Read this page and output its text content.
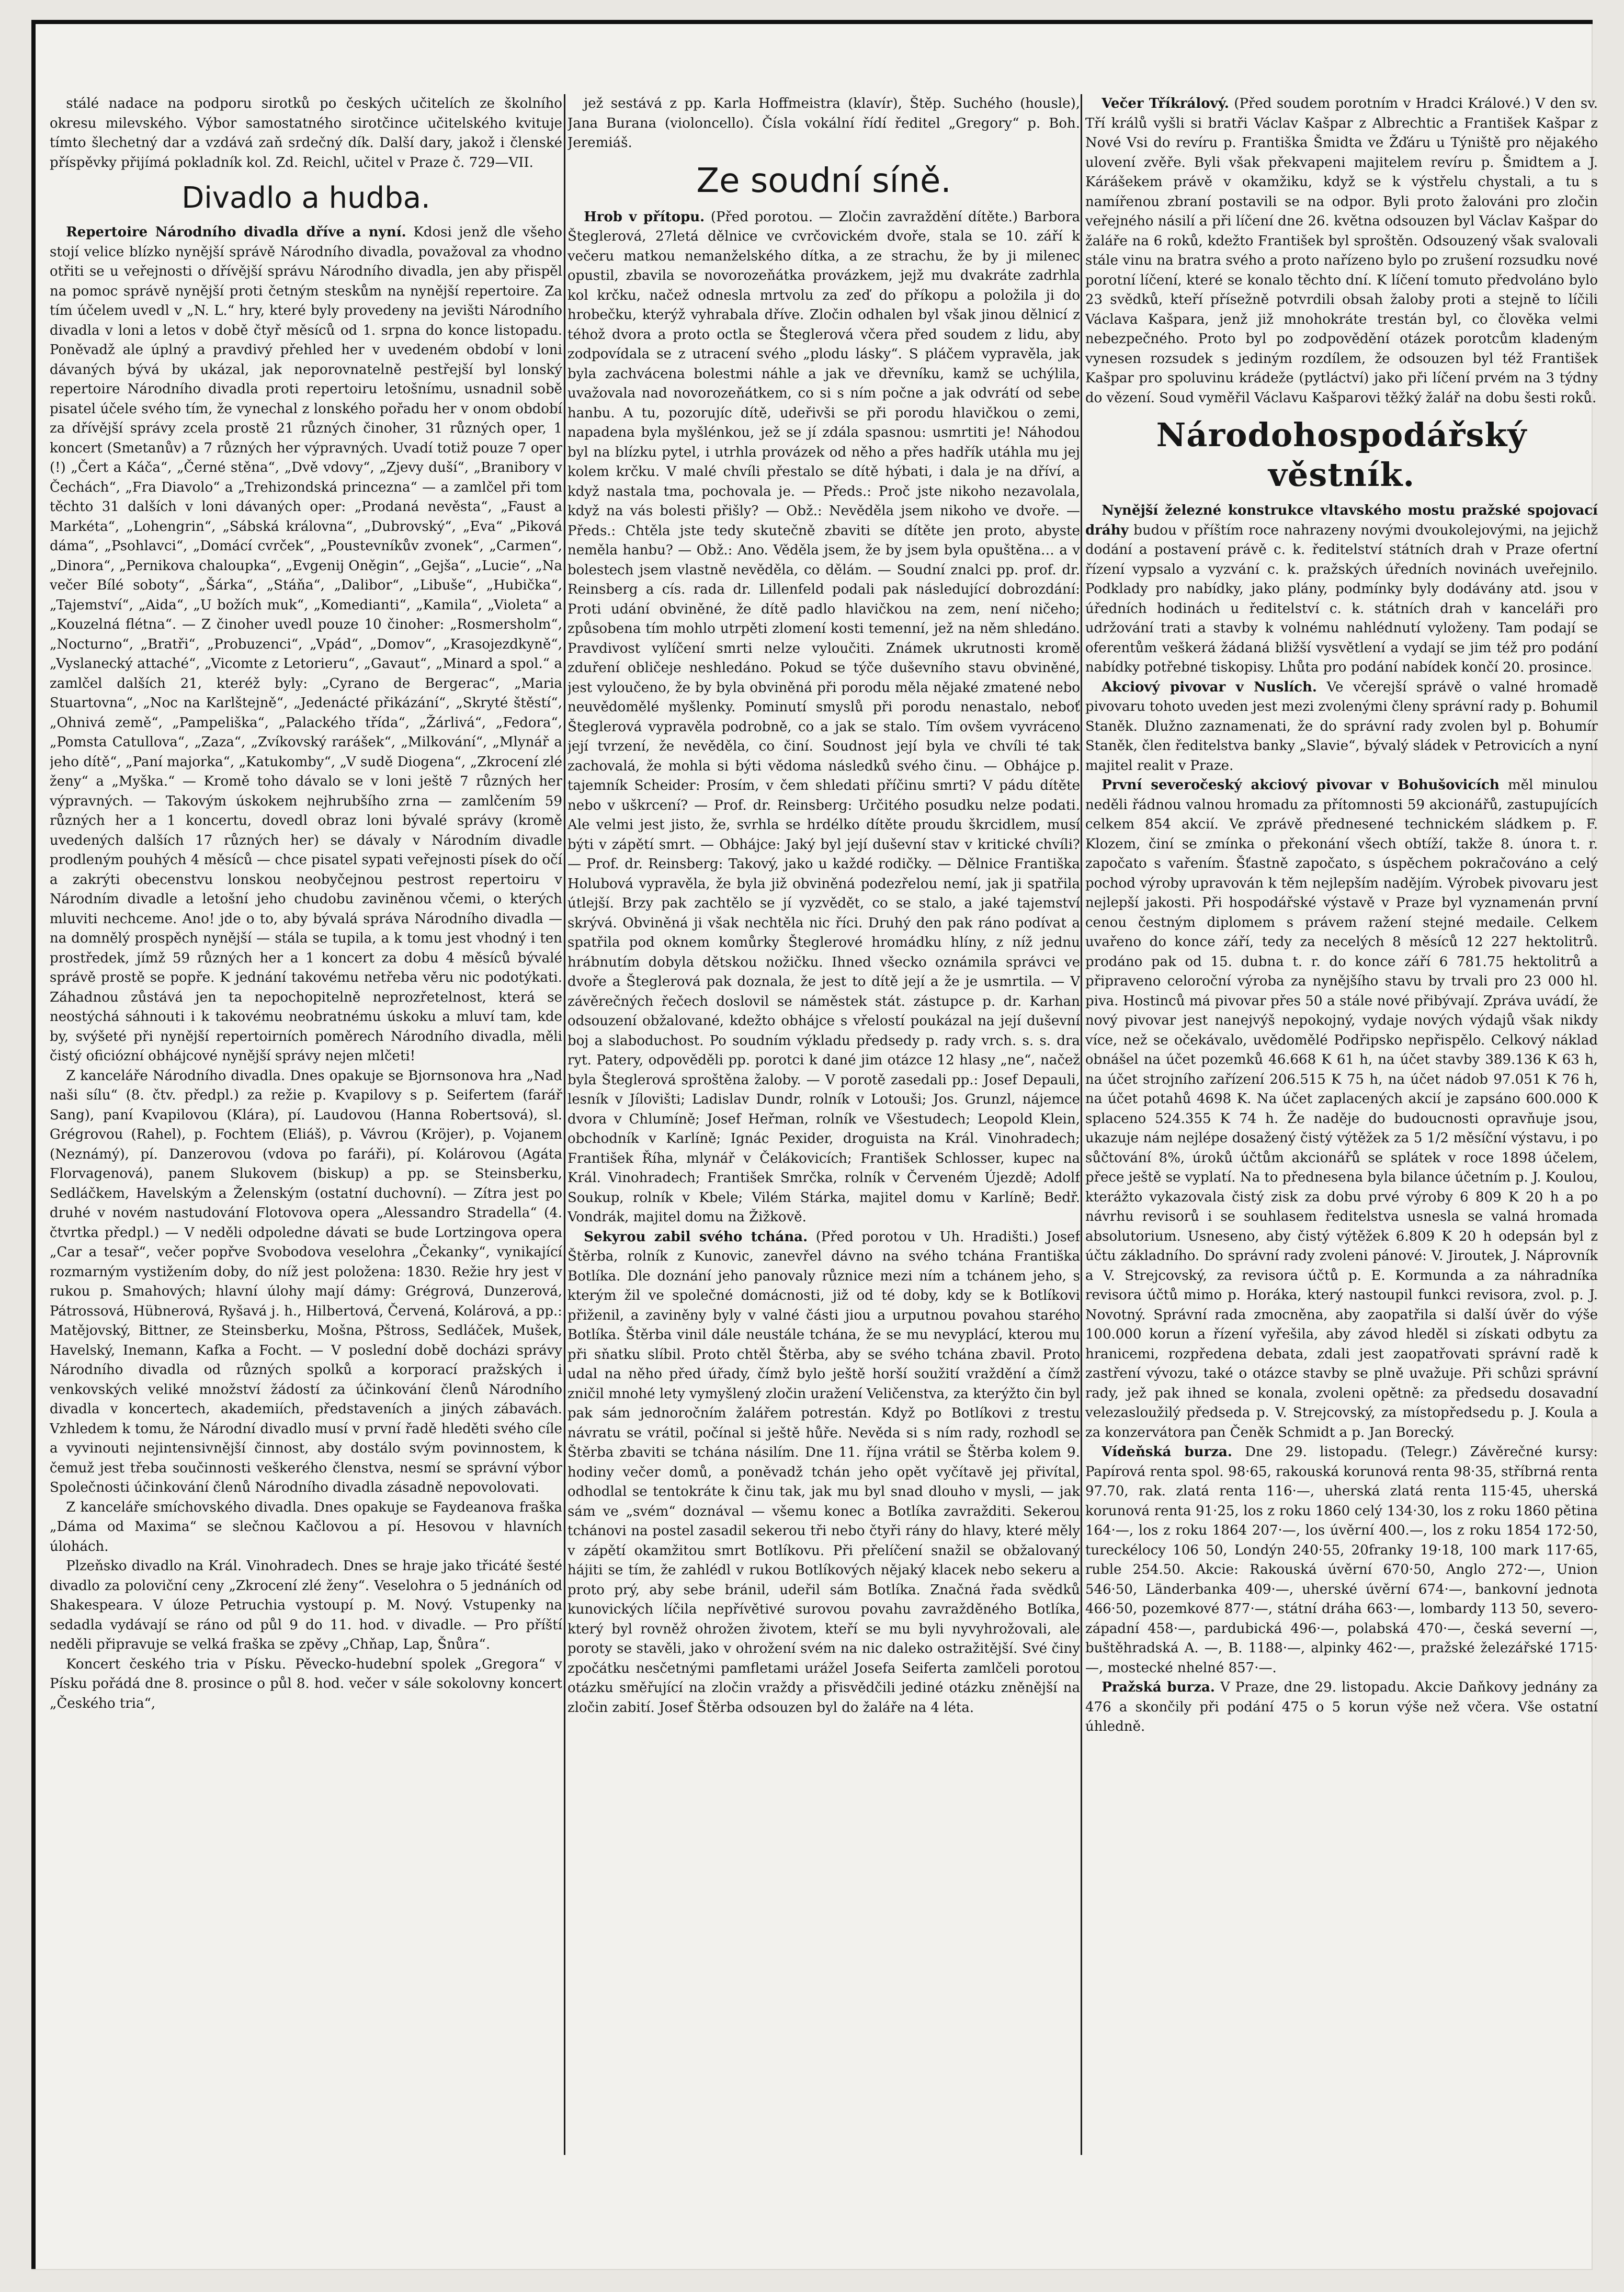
stálé nadace na podporu sirotků po českých učitelích ze školního okresu milevského. Výbor samostatného sirotčince učitelského kvituje tímto šlechetný dar a vzdává zaň srdečný dík. Další dary, jakož i členské příspěvky přijímá pokladník kol. Zd. Reichl, učitel v Praze č. 729—VII.

Divadlo a hudba.

Repertoire Národního divadla dříve a nyní. Kdosi jenž dle všeho stojí velice blízko nynější správě Národního divadla, považoval za vhodno otřiti se u veřejnosti o dřívější správu Národního divadla, jen aby přispěl na pomoc správě nynější proti četným steskům na nynější repertoire. Za tím účelem uvedl v „N. L.“ hry, které byly provedeny na jevišti Národního divadla v loni a letos v době čtyř měsíců od 1. srpna do konce listopadu. Poněvadž ale úplný a pravdivý přehled her v uvedeném období v loni dávaných bývá by ukázal, jak neporovnatelně pestřejší byl lonský repertoire Národního divadla proti repertoiru letošnímu, usnadnil sobě pisatel účele svého tím, že vynechal z lonského pořadu her v onom období za dřívější správy zcela prostě 21 různých činoher, 31 různých oper, 1 koncert (Smetanův) a 7 různých her výpravných. Uvadí totiž pouze 7 oper (!) „Čert a Káča“, „Černé stěna“, „Dvě vdovy“, „Zjevy duší“, „Branibory v Čechách“, „Fra Diavolo“ a „Trehizondská princezna“ — a zamlčel při tom těchto 31 dalších v loni dávaných oper: „Prodaná nevěsta“, „Faust a Markéta“, „Lohengrin“, „Sábská královna“, „Dubrovský“, „Eva“ „Piková dáma“, „Psohlavci“, „Domácí cvrček“, „Poustevníkův zvonek“, „Carmen“, „Dinora“, „Pernikova chaloupka“, „Evgenij Oněgin“, „Gejša“, „Lucie“, „Na večer Bílé soboty“, „Šárka“, „Stáňa“, „Dalibor“, „Libuše“, „Hubička“, „Tajemství“, „Aida“, „U božích muk“, „Komedianti“, „Kamila“, „Violeta“ a „Kouzelná flétna“. — Z činoher uvedl pouze 10 činoher: „Rosmersholm“, „Nocturno“, „Bratři“, „Probuzenci“, „Vpád“, „Domov“, „Krasojezdkyně“, „Vyslanecký attaché“, „Vicomte z Letorieru“, „Gavaut“, „Minard a spol.“ a zamlčel dalších 21, kteréž byly: „Cyrano de Bergerac“, „Maria Stuartovna“, „Noc na Karlštejně“, „Jedenácté přikázání“, „Skryté štěstí“, „Ohnivá země“, „Pampeliška“, „Palackého třída“, „Žárlivá“, „Fedora“, „Pomsta Catullova“, „Zaza“, „Zvíkovský rarášek“, „Milkování“, „Mlynář a jeho dítě“, „Paní majorka“, „Katukomby“, „V sudě Diogena“, „Zkrocení zlé ženy“ a „Myška.“ — Kromě toho dávalo se v loni ještě 7 různých her výpravných. — Takovým úskokem nejhrubšího zrna — zamlčením 59 různých her a 1 koncertu, dovedl obraz loni bývalé správy (kromě uvedených dalších 17 různých her) se dávaly v Národním divadle prodleným pouhých 4 měsíců — chce pisatel sypati veřejnosti písek do očí a zakrýti obecenstvu lonskou neobyčejnou pestrost repertoiru v Národním divadle a letošní jeho chudobu zaviněnou včemi, o kterých mluviti nechceme. Ano! jde o to, aby bývalá správa Národního divadla — na domnělý prospěch nynější — stála se tupila, a k tomu jest vhodný i ten prostředek, jímž 59 různých her a 1 koncert za dobu 4 měsíců bývalé správě prostě se popře. K jednání takovému netřeba věru nic podotýkati. Záhadnou zůstává jen ta nepochopitelně neprozřetelnost, která se neostýchá sáhnouti i k takovému neobratnému úskoku a mluví tam, kde by, svýšeté při nynější repertoirních poměrech Národního divadla, měli čistý oficiózní obhájcové nynější správy nejen mlčeti!

Z kanceláře Národního divadla. Dnes opakuje se Bjornsonova hra „Nad naši sílu“ (8. čtv. předpl.) za režie p. Kvapilovy s p. Seifertem (farář Sang), paní Kvapilovou (Klára), pí. Laudovou (Hanna Robertsová), sl. Grégrovou (Rahel), p. Fochtem (Eliáš), p. Vávrou (Kröjer), p. Vojanem (Neznámý), pí. Danzerovou (vdova po faráři), pí. Kolárovou (Agáta Florvagenová), panem Slukovem (biskup) a pp. se Steinsberku, Sedláčkem, Havelským a Želenským (ostatní duchovní). — Zítra jest po druhé v novém nastudování Flotovova opera „Alessandro Stradella“ (4. čtvrtka předpl.) — V neděli odpoledne dávati se bude Lortzingova opera „Car a tesař“, večer popřve Svobodova veselohra „Čekanky“, vynikající rozmarným vystižením doby, do níž jest položena: 1830. Režie hry jest v rukou p. Smahových; hlavní úlohy mají dámy: Grégrová, Dunzerová, Pátrossová, Hübnerová, Ryšavá j. h., Hilbertová, Červená, Kolárová, a pp.: Matějovský, Bittner, ze Steinsberku, Mošna, Pštross, Sedláček, Mušek, Havelský, Inemann, Kafka a Focht. — V poslední době docházi správy Národního divadla od různých spolků a korporací pražských i venkovských veliké množství žádostí za účinkování členů Národního divadla v koncertech, akademiích, představeních a jiných zábavách. Vzhledem k tomu, že Národní divadlo musí v první řadě hleděti svého cíle a vyvinouti nejintensivnější činnost, aby dostálo svým povinnostem, k čemuž jest třeba součinnosti veškerého členstva, nesmí se správní výbor Společnosti účinkování členů Národního divadla zásadně nepovolovati.

Z kanceláře smíchovského divadla. Dnes opakuje se Faydeanova fraška „Dáma od Maxima“ se slečnou Kačlovou a pí. Hesovou v hlavních úlohách.

Plzeňsko divadlo na Král. Vinohradech. Dnes se hraje jako třicáté šesté divadlo za poloviční ceny „Zkrocení zlé ženy“. Veselohra o 5 jednáních od Shakespeara. V úloze Petruchia vystoupí p. M. Nový. Vstupenky na sedadla vydávají se ráno od půl 9 do 11. hod. v divadle. — Pro příští neděli připravuje se velká fraška se zpěvy „Chňap, Lap, Šnůra“.

Koncert českého tria v Písku. Pěvecko-hudební spolek „Gregora“ v Písku pořádá dne 8. prosince o půl 8. hod. večer v sále sokolovny koncert „Českého tria“,

jež sestává z pp. Karla Hoffmeistra (klavír), Štěp. Suchého (housle), Jana Burana (violoncello). Čísla vokální řídí ředitel „Gregory“ p. Boh. Jeremiáš.

Ze soudní síně.

Hrob v přítopu. (Před porotou. — Zločin zavraždění dítěte.) Barbora Šteglerová, 27letá dělnice ve cvrčovickém dvoře, stala se 10. září k večeru matkou nemanželského dítka, a ze strachu, že by ji milenec opustil, zbavila se novorozeňátka provázkem, jejž mu dvakráte zadrhla kol krčku, načež odnesla mrtvolu za zeď do příkopu a položila ji do hrobečku, kterýž vyhrabala dříve. Zločin odhalen byl však jinou dělnicí z téhož dvora a proto octla se Šteglerová včera před soudem z lidu, aby zodpovídala se z utracení svého „plodu lásky“. S pláčem vypravěla, jak byla zachvácena bolestmi náhle a jak ve dřevníku, kamž se uchýlila, uvažovala nad novorozeňátkem, co si s ním počne a jak odvrátí od sebe hanbu. A tu, pozorujíc dítě, udeřivši se při porodu hlavičkou o zemi, napadena byla myšlénkou, jež se jí zdála spasnou: usmrtiti je! Náhodou byl na blízku pytel, i utrhla provázek od něho a přes hadřík utáhla mu jej kolem krčku. V malé chvíli přestalo se dítě hýbati, i dala je na dříví, a když nastala tma, pochovala je. — Předs.: Proč jste nikoho nezavolala, když na vás bolesti přišly? — Obž.: Nevěděla jsem nikoho ve dvoře. — Předs.: Chtěla jste tedy skutečně zbaviti se dítěte jen proto, abyste neměla hanbu? — Obž.: Ano. Věděla jsem, že by jsem byla opuštěna… a v bolestech jsem vlastně nevěděla, co dělám. — Soudní znalci pp. prof. dr. Reinsberg a cís. rada dr. Lillenfeld podali pak následující dobrozdání: Proti udání obviněné, že dítě padlo hlavičkou na zem, není ničeho; způsobena tím mohlo utrpěti zlomení kosti temenní, jež na něm shledáno. Pravdivost vylíčení smrti nelze vyloučiti. Známek ukrutnosti kromě zduření obličeje neshledáno. Pokud se týče duševního stavu obviněné, jest vyloučeno, že by byla obviněná při porodu měla nějaké zmatené nebo neuvědomělé myšlenky. Pominutí smyslů při porodu nenastalo, neboť Šteglerová vypravěla podrobně, co a jak se stalo. Tím ovšem vyvráceno její tvrzení, že nevěděla, co činí. Soudnost její byla ve chvíli té tak zachovalá, že mohla si býti vědoma následků svého činu. — Obhájce p. tajemník Scheider: Prosím, v čem shledati příčinu smrti? V pádu dítěte nebo v uškrcení? — Prof. dr. Reinsberg: Určitého posudku nelze podati. Ale velmi jest jisto, že, svrhla se hrdélko dítěte proudu škrcidlem, musí býti v zápětí smrt. — Obhájce: Jaký byl její duševní stav v kritické chvíli? — Prof. dr. Reinsberg: Takový, jako u každé rodičky. — Dělnice Františka Holubová vypravěla, že byla již obviněná podezřelou nemí, jak ji spatřila útlejší. Brzy pak zachtělo se jí vyzvědět, co se stalo, a jaké tajemství skrývá. Obviněná ji však nechtěla nic říci. Druhý den pak ráno podívat a spatřila pod oknem komůrky Šteglerové hromádku hlíny, z níž jednu hrábnutím dobyla dětskou nožičku. Ihned všecko oznámila správci ve dvoře a Šteglerová pak doznala, že jest to dítě její a že je usmrtila. — V závěrečných řečech doslovil se náměstek stát. zástupce p. dr. Karhan odsouzení obžalované, kdežto obhájce s vřelostí poukázal na její duševní boj a slaboduchost. Po soudním výkladu předsedy p. rady vrch. s. s. dra ryt. Patery, odpověděli pp. porotci k dané jim otázce 12 hlasy „ne“, načež byla Šteglerová sproštěna žaloby. — V porotě zasedali pp.: Josef Depauli, lesník v Jílovišti; Ladislav Dundr, rolník v Lotouši; Jos. Grunzl, nájemce dvora v Chlumíně; Josef Heřman, rolník ve Všestudech; Leopold Klein, obchodník v Karlíně; Ignác Pexider, droguista na Král. Vinohradech; František Říha, mlynář v Čelákovicích; František Schlosser, kupec na Král. Vinohradech; František Smrčka, rolník v Červeném Újezdě; Adolf Soukup, rolník v Kbele; Vilém Stárka, majitel domu v Karlíně; Bedř. Vondrák, majitel domu na Žižkově.

Sekyrou zabil svého tchána. (Před porotou v Uh. Hradišti.) Josef Štěrba, rolník z Kunovic, zanevřel dávno na svého tchána Františka Botlíka. Dle doznání jeho panovaly různice mezi ním a tchánem jeho, s kterým žil ve společné domácnosti, již od té doby, kdy se k Botlíkovi přiženil, a zaviněny byly v valné části jiou a urputnou povahou starého Botlíka. Štěrba vinil dále neustále tchána, že se mu nevyplácí, kterou mu při sňatku slíbil. Proto chtěl Štěrba, aby se svého tchána zbavil. Proto udal na něho před úřady, čímž bylo ještě horší soužití vraždění a čímž zničil mnohé lety vymyšlený zločin uražení Veličenstva, za kterýžto čin byl pak sám jednoročním žalářem potrestán. Když po Botlíkovi z trestu návratu se vrátil, počínal si ještě hůře. Nevěda si s ním rady, rozhodl se Štěrba zbaviti se tchána násilím. Dne 11. října vrátil se Štěrba kolem 9. hodiny večer domů, a poněvadž tchán jeho opět vyčítavě jej přivítal, odhodlal se tentokráte k činu tak, jak mu byl snad dlouho v mysli, — jak sám ve „svém“ doznával — všemu konec a Botlíka zavražditi. Sekerou tchánovi na postel zasadil sekerou tři nebo čtyři rány do hlavy, které měly v zápětí okamžitou smrt Botlíkovu. Při přelíčení snažil se obžalovaný hájiti se tím, že zahlédl v rukou Botlíkových nějaký klacek nebo sekeru a proto prý, aby sebe bránil, udeřil sám Botlíka. Značná řada svědků kunovických líčila nepřívětivé surovou povahu zavražděného Botlíka, který byl rovněž ohrožen životem, kteří se mu byli nyvyhrožovali, ale poroty se stavěli, jako v ohrožení svém na nic daleko ostražitější. Své činy zpočátku nesčetnými pamfletami urážel Josefa Seiferta zamlčeli porotou otázku směřující na zločin vraždy a přisvědčili jediné otázku zněnější na zločin zabití. Josef Štěrba odsouzen byl do žaláře na 4 léta.

Večer Tříkrálový. (Před soudem porotním v Hradci Králové.) V den sv. Tří králů vyšli si bratři Václav Kašpar z Albrechtic a František Kašpar z Nové Vsi do revíru p. Františka Šmidta ve Žďáru u Týniště pro nějakého ulovení zvěře. Byli však překvapeni majitelem revíru p. Šmidtem a J. Kárášekem právě v okamžiku, když se k výstřelu chystali, a tu s namířenou zbraní postavili se na odpor. Byli proto žalováni pro zločin veřejného násilí a při líčení dne 26. května odsouzen byl Václav Kašpar do žaláře na 6 roků, kdežto František byl sproštěn. Odsouzený však svalovali stále vinu na bratra svého a proto nařízeno bylo po zrušení rozsudku nové porotní líčení, které se konalo těchto dní. K líčení tomuto předvoláno bylo 23 svědků, kteří přísežně potvrdili obsah žaloby proti a stejně to líčili Václava Kašpara, jenž již mnohokráte trestán byl, co člověka velmi nebezpečného. Proto byl po zodpovědění otázek porotcům kladeným vynesen rozsudek s jediným rozdílem, že odsouzen byl též František Kašpar pro spoluvinu krádeže (pytláctví) jako při líčení prvém na 3 týdny do vězení. Soud vyměřil Václavu Kašparovi těžký žalář na dobu šesti roků.

Národohospodářský věstník.

Nynější železné konstrukce vltavského mostu pražské spojovací dráhy budou v příštím roce nahrazeny novými dvoukolejovými, na jejichž dodání a postavení právě c. k. ředitelství státních drah v Praze ofertní řízení vypsalo a vyzvání c. k. pražských úředních novinách uveřejnilo. Podklady pro nabídky, jako plány, podmínky byly dodávány atd. jsou v úředních hodinách u ředitelství c. k. státních drah v kanceláři pro udržování trati a stavby k volnému nahlédnutí vyloženy. Tam podají se oferentům veškerá žádaná bližší vysvětlení a vydají se jim též pro podání nabídky potřebné tiskopisy. Lhůta pro podání nabídek končí 20. prosince.

Akciový pivovar v Nuslích. Ve včerejší správě o valné hromadě pivovaru tohoto uveden jest mezi zvolenými členy správní rady p. Bohumil Staněk. Dlužno zaznamenati, že do správní rady zvolen byl p. Bohumír Staněk, člen ředitelstva banky „Slavie“, bývalý sládek v Petrovicích a nyní majitel realit v Praze.

První severočeský akciový pivovar v Bohušovicích měl minulou neděli řádnou valnou hromadu za přítomnosti 59 akcionářů, zastupujících celkem 854 akcií. Ve zprávě přednesené technickém sládkem p. F. Klozem, činí se zmínka o překonání všech obtíží, takže 8. února t. r. započato s vařením. Šťastně započato, s úspěchem pokračováno a celý pochod výroby upravován k těm nejlepším nadějím. Výrobek pivovaru jest nejlepší jakosti. Při hospodářské výstavě v Praze byl vyznamenán první cenou čestným diplomem s právem ražení stejné medaile. Celkem uvařeno do konce září, tedy za necelých 8 měsíců 12 227 hektolitrů. prodáno pak od 15. dubna t. r. do konce září 6 781.75 hektolitrů a připraveno celoroční výroba za nynějšího stavu by trvali pro 23 000 hl. piva. Hostinců má pivovar přes 50 a stále nové přibývají. Zpráva uvádí, že nový pivovar jest nanejvýš nepokojný, vydaje nových výdajů však nikdy více, než se očekávalo, uvědomělé Podřipsko nepřispělo. Celkový náklad obnášel na účet pozemků 46.668 K 61 h, na účet stavby 389.136 K 63 h, na účet strojního zařízení 206.515 K 75 h, na účet nádob 97.051 K 76 h, na účet potahů 4698 K. Na účet zaplacených akcií je zapsáno 600.000 K splaceno 524.355 K 74 h. Že naděje do budoucnosti opravňuje jsou, ukazuje nám nejlépe dosažený čistý výtěžek za 5 1/2 měsíční výstavu, i po sůčtování 8%, úroků účtům akcionářů se splátek v roce 1898 účelem, přece ještě se vyplatí. Na to přednesena byla bilance účetním p. J. Koulou, kterážto vykazovala čistý zisk za dobu prvé výroby 6 809 K 20 h a po návrhu revisorů i se souhlasem ředitelstva usnesla se valná hromada absolutorium. Usneseno, aby čistý výtěžek 6.809 K 20 h odepsán byl z účtu základního. Do správní rady zvoleni pánové: V. Jiroutek, J. Náprovník a V. Strejcovský, za revisora účtů p. E. Kormunda a za náhradníka revisora účtů mimo p. Horáka, který nastoupil funkci revisora, zvol. p. J. Novotný. Správní rada zmocněna, aby zaopatřila si další úvěr do výše 100.000 korun a řízení vyřešila, aby závod hleděl si získati odbytu za hranicemi, rozpředena debata, zdali jest zaopatřovati správní radě k zastření vývozu, také o otázce stavby se plně uvažuje. Při schůzi správní rady, jež pak ihned se konala, zvoleni opětně: za předsedu dosavadní velezasloužilý předseda p. V. Strejcovský, za místopředsedu p. J. Koula a za konzervátora pan Čeněk Schmidt a p. Jan Borecký.

Vídeňská burza. Dne 29. listopadu. (Telegr.) Závěrečné kursy: Papírová renta spol. 98·65, rakouská korunová renta 98·35, stříbrná renta 97.70, rak. zlatá renta 116·—, uherská zlatá renta 115·45, uherská korunová renta 91·25, los z roku 1860 celý 134·30, los z roku 1860 pětina 164·—, los z roku 1864 207·—, los úvěrní 400.—, los z roku 1854 172·50, tureckéloсy 106 50, Londýn 240·55, 20franky 19·18, 100 mark 117·65, ruble 254.50. Akcie: Rakouská úvěrní 670·50, Anglo 272·—, Union 546·50, Länderbanka 409·—, uherské úvěrní 674·—, bankovní jednota 466·50, pozemkové 877·—, státní dráha 663·—, lombardy 113 50, severo-západní 458·—, pardubická 496·—, polabská 470·—, česká severní —, buštěhradská A. —, B. 1188·—, alpinky 462·—, pražské železářské 1715·—, mostecké nhelné 857·—.

Pražská burza. V Praze, dne 29. listopadu. Akcie Daňkovy jednány za 476 a skončily při podání 475 o 5 korun výše než včera. Vše ostatní úhledně.
